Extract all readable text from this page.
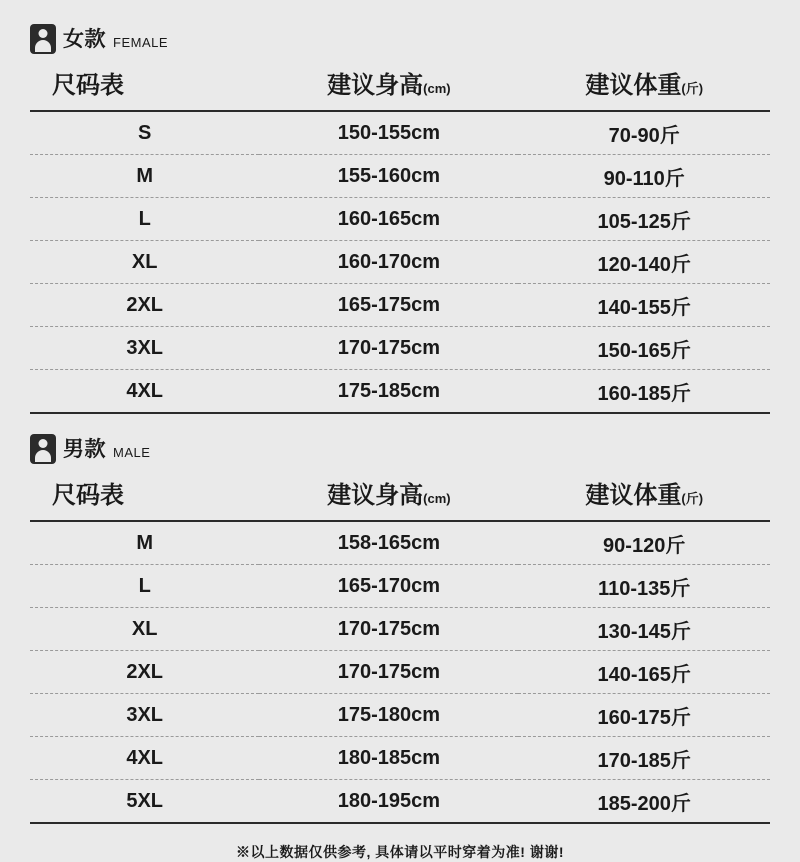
女款 FEMALE
尺码表	建议身高(cm)	建议体重(斤)
S	150-155cm	70-90斤
M	155-160cm	90-110斤
L	160-165cm	105-125斤
XL	160-170cm	120-140斤
2XL	165-175cm	140-155斤
3XL	170-175cm	150-165斤
4XL	175-185cm	160-185斤
男款 MALE
尺码表	建议身高(cm)	建议体重(斤)
M	158-165cm	90-120斤
L	165-170cm	110-135斤
XL	170-175cm	130-145斤
2XL	170-175cm	140-165斤
3XL	175-180cm	160-175斤
4XL	180-185cm	170-185斤
5XL	180-195cm	185-200斤
※以上数据仅供参考, 具体请以平时穿着为准! 谢谢!
